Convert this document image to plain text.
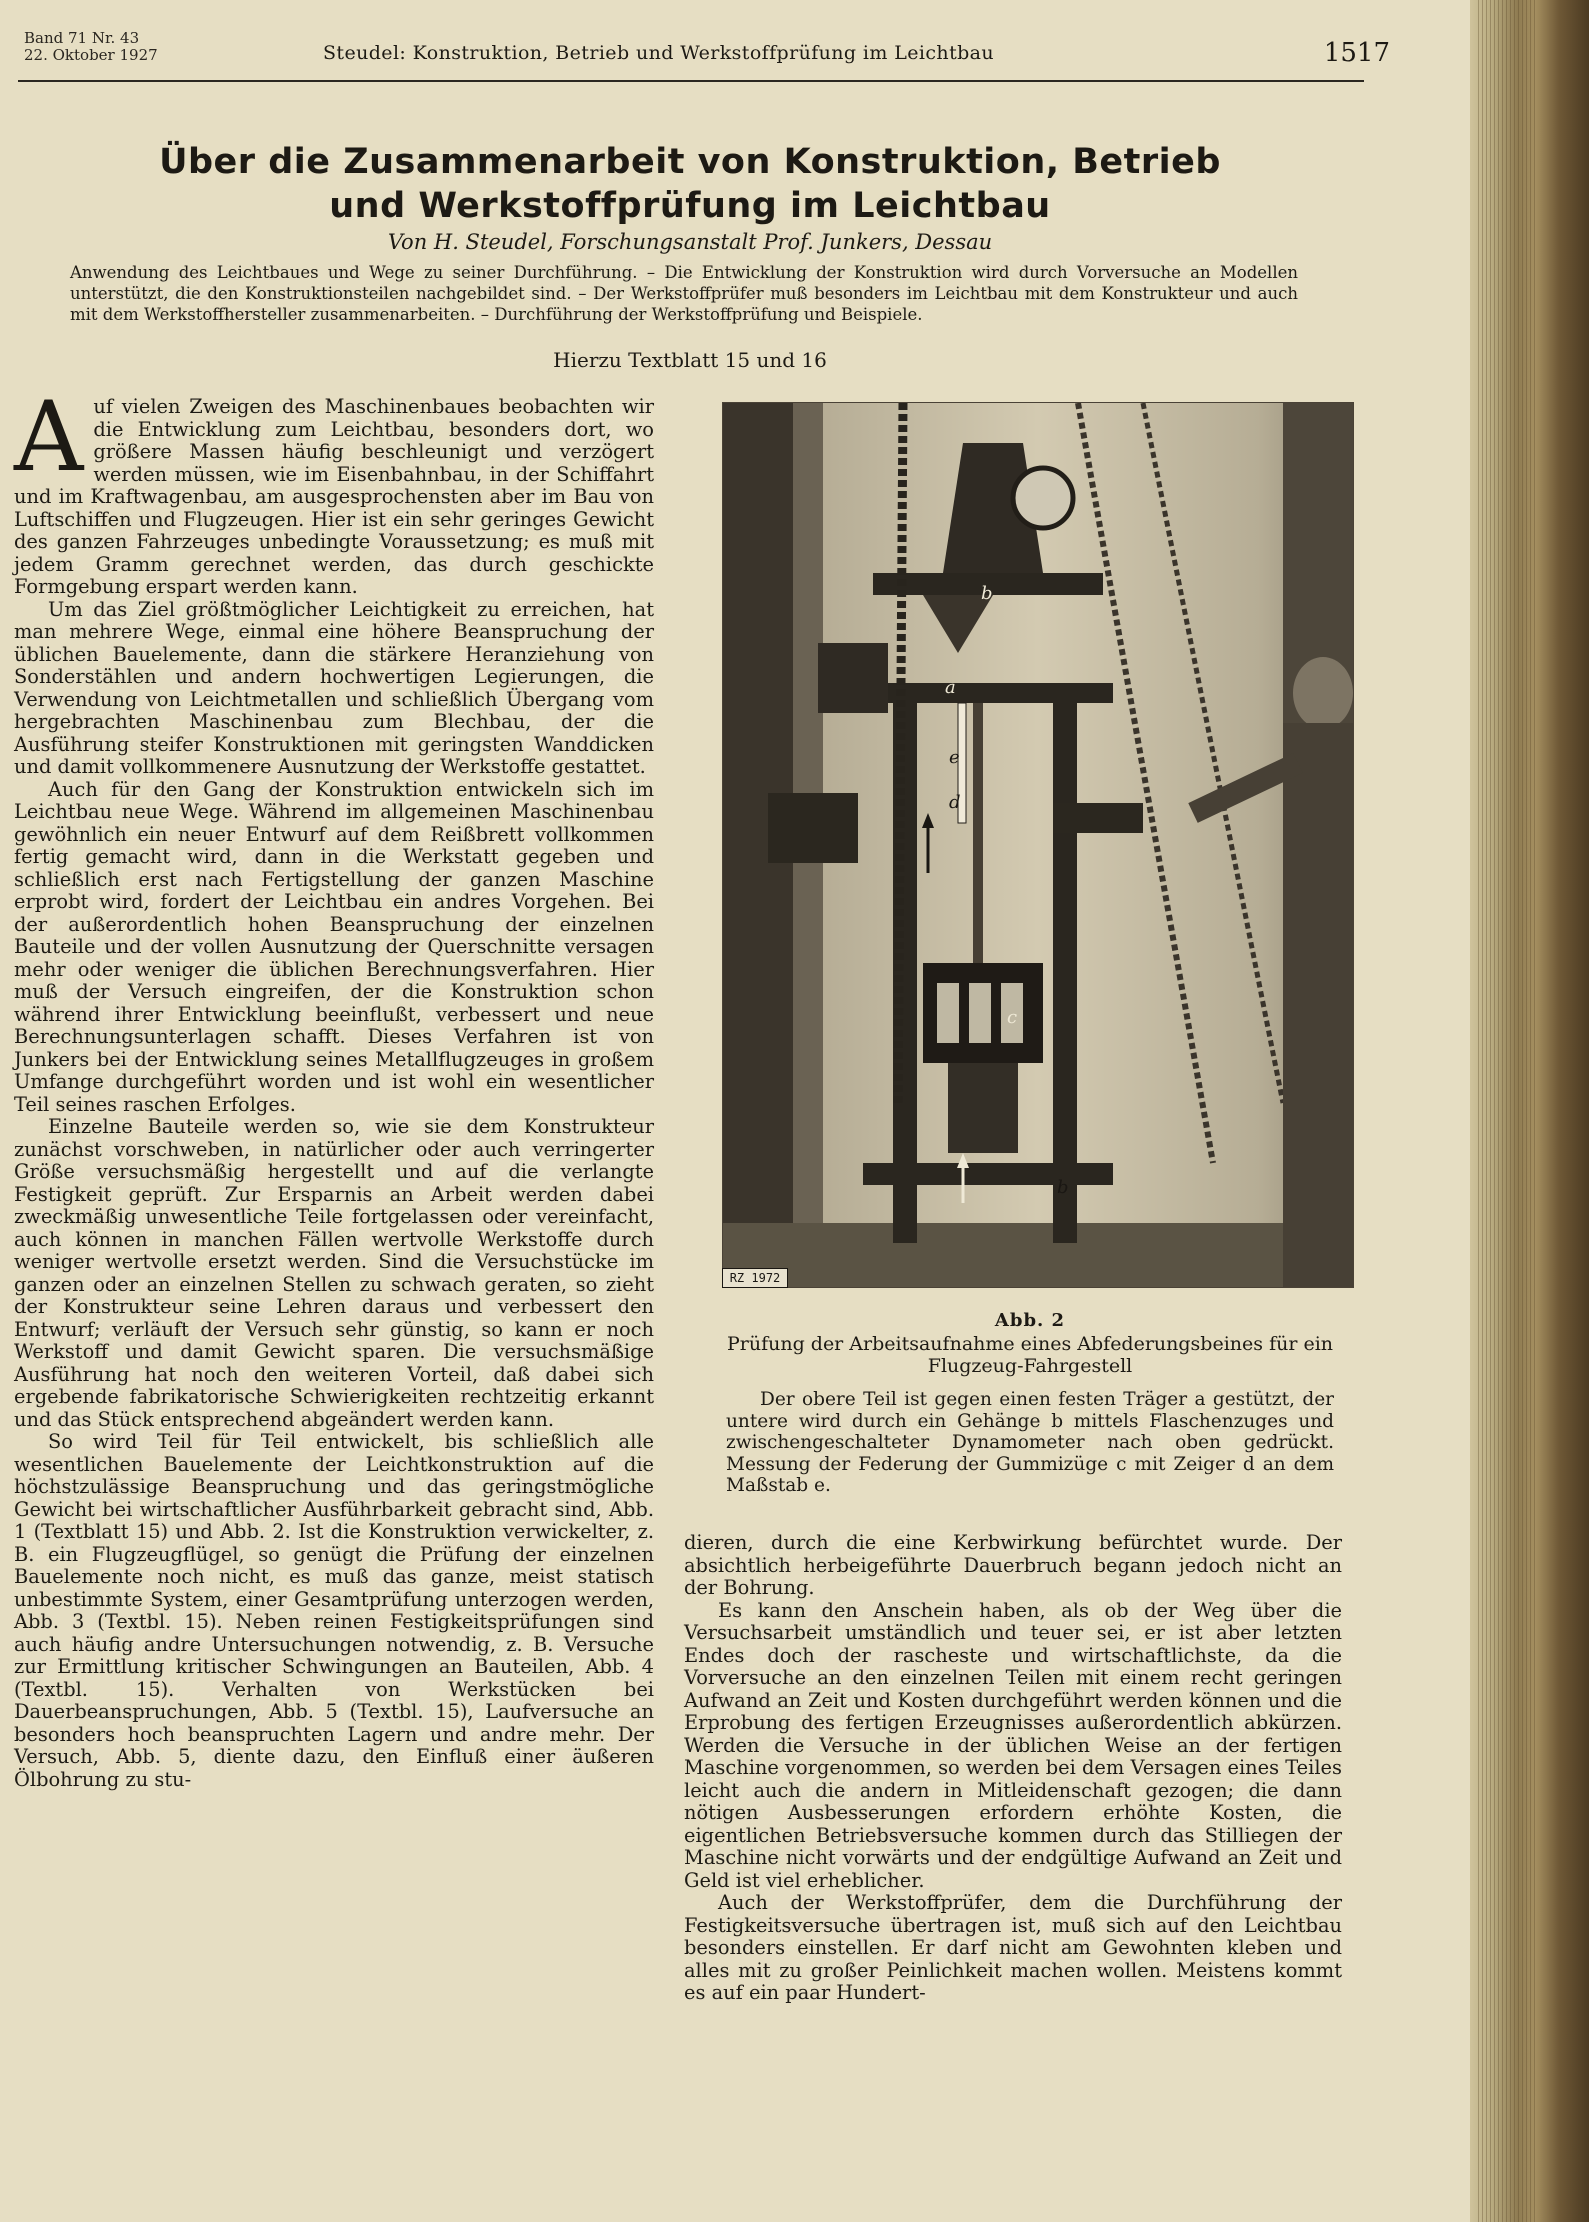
Band 71 Nr. 43
22. Oktober 1927	Steudel: Konstruktion, Betrieb und Werkstoffprüfung im Leichtbau	1517
Über die Zusammenarbeit von Konstruktion, Betrieb
und Werkstoffprüfung im Leichtbau
Von H. Steudel, Forschungsanstalt Prof. Junkers, Dessau
Anwendung des Leichtbaues und Wege zu seiner Durchführung. – Die Entwicklung der Konstruktion wird durch Vorversuche an Modellen unterstützt, die den Konstruktionsteilen nachgebildet sind. – Der Werkstoffprüfer muß besonders im Leichtbau mit dem Konstrukteur und auch mit dem Werkstoffhersteller zusammenarbeiten. – Durchführung der Werkstoffprüfung und Beispiele.
Hierzu Textblatt 15 und 16

Auf vielen Zweigen des Maschinenbaues beobachten wir die Entwicklung zum Leichtbau, besonders dort, wo größere Massen häufig beschleunigt und verzögert werden müssen, wie im Eisenbahnbau, in der Schiffahrt und im Kraftwagenbau, am ausgesprochensten aber im Bau von Luftschiffen und Flugzeugen. Hier ist ein sehr geringes Gewicht des ganzen Fahrzeuges unbedingte Voraussetzung; es muß mit jedem Gramm gerechnet werden, das durch geschickte Formgebung erspart werden kann.

Um das Ziel größtmöglicher Leichtigkeit zu erreichen, hat man mehrere Wege, einmal eine höhere Beanspruchung der üblichen Bauelemente, dann die stärkere Heranziehung von Sonderstählen und andern hochwertigen Legierungen, die Verwendung von Leichtmetallen und schließlich Übergang vom hergebrachten Maschinenbau zum Blechbau, der die Ausführung steifer Konstruktionen mit geringsten Wanddicken und damit vollkommenere Ausnutzung der Werkstoffe gestattet.

Auch für den Gang der Konstruktion entwickeln sich im Leichtbau neue Wege. Während im allgemeinen Maschinenbau gewöhnlich ein neuer Entwurf auf dem Reißbrett vollkommen fertig gemacht wird, dann in die Werkstatt gegeben und schließlich erst nach Fertigstellung der ganzen Maschine erprobt wird, fordert der Leichtbau ein andres Vorgehen. Bei der außerordentlich hohen Beanspruchung der einzelnen Bauteile und der vollen Ausnutzung der Querschnitte versagen mehr oder weniger die üblichen Berechnungsverfahren. Hier muß der Versuch eingreifen, der die Konstruktion schon während ihrer Entwicklung beeinflußt, verbessert und neue Berechnungsunterlagen schafft. Dieses Verfahren ist von Junkers bei der Entwicklung seines Metallflugzeuges in großem Umfange durchgeführt worden und ist wohl ein wesentlicher Teil seines raschen Erfolges.

Einzelne Bauteile werden so, wie sie dem Konstrukteur zunächst vorschweben, in natürlicher oder auch verringerter Größe versuchsmäßig hergestellt und auf die verlangte Festigkeit geprüft. Zur Ersparnis an Arbeit werden dabei zweckmäßig unwesentliche Teile fortgelassen oder vereinfacht, auch können in manchen Fällen wertvolle Werkstoffe durch weniger wertvolle ersetzt werden. Sind die Versuchstücke im ganzen oder an einzelnen Stellen zu schwach geraten, so zieht der Konstrukteur seine Lehren daraus und verbessert den Entwurf; verläuft der Versuch sehr günstig, so kann er noch Werkstoff und damit Gewicht sparen. Die versuchsmäßige Ausführung hat noch den weiteren Vorteil, daß dabei sich ergebende fabrikatorische Schwierigkeiten rechtzeitig erkannt und das Stück entsprechend abgeändert werden kann.

So wird Teil für Teil entwickelt, bis schließlich alle wesentlichen Bauelemente der Leichtkonstruktion auf die höchstzulässige Beanspruchung und das geringstmögliche Gewicht bei wirtschaftlicher Ausführbarkeit gebracht sind, Abb. 1 (Textblatt 15) und Abb. 2. Ist die Konstruktion verwickelter, z. B. ein Flugzeugflügel, so genügt die Prüfung der einzelnen Bauelemente noch nicht, es muß das ganze, meist statisch unbestimmte System, einer Gesamtprüfung unterzogen werden, Abb. 3 (Textbl. 15). Neben reinen Festigkeitsprüfungen sind auch häufig andre Untersuchungen notwendig, z. B. Versuche zur Ermittlung kritischer Schwingungen an Bauteilen, Abb. 4 (Textbl. 15). Verhalten von Werkstücken bei Dauerbeanspruchungen, Abb. 5 (Textbl. 15), Laufversuche an besonders hoch beanspruchten Lagern und andre mehr. Der Versuch, Abb. 5, diente dazu, den Einfluß einer äußeren Ölbohrung zu stu-

a
b
e
d
c
b
RZ 1972
Abb. 2
Prüfung der Arbeitsaufnahme eines Abfederungsbeines für ein Flugzeug-Fahrgestell
Der obere Teil ist gegen einen festen Träger a gestützt, der untere wird durch ein Gehänge b mittels Flaschenzuges und zwischengeschalteter Dynamometer nach oben gedrückt. Messung der Federung der Gummizüge c mit Zeiger d an dem Maßstab e.

dieren, durch die eine Kerbwirkung befürchtet wurde. Der absichtlich herbeigeführte Dauerbruch begann jedoch nicht an der Bohrung.

Es kann den Anschein haben, als ob der Weg über die Versuchsarbeit umständlich und teuer sei, er ist aber letzten Endes doch der rascheste und wirtschaftlichste, da die Vorversuche an den einzelnen Teilen mit einem recht geringen Aufwand an Zeit und Kosten durchgeführt werden können und die Erprobung des fertigen Erzeugnisses außerordentlich abkürzen. Werden die Versuche in der üblichen Weise an der fertigen Maschine vorgenommen, so werden bei dem Versagen eines Teiles leicht auch die andern in Mitleidenschaft gezogen; die dann nötigen Ausbesserungen erfordern erhöhte Kosten, die eigentlichen Betriebsversuche kommen durch das Stilliegen der Maschine nicht vorwärts und der endgültige Aufwand an Zeit und Geld ist viel erheblicher.

Auch der Werkstoffprüfer, dem die Durchführung der Festigkeitsversuche übertragen ist, muß sich auf den Leichtbau besonders einstellen. Er darf nicht am Gewohnten kleben und alles mit zu großer Peinlichkeit machen wollen. Meistens kommt es auf ein paar Hundert-
